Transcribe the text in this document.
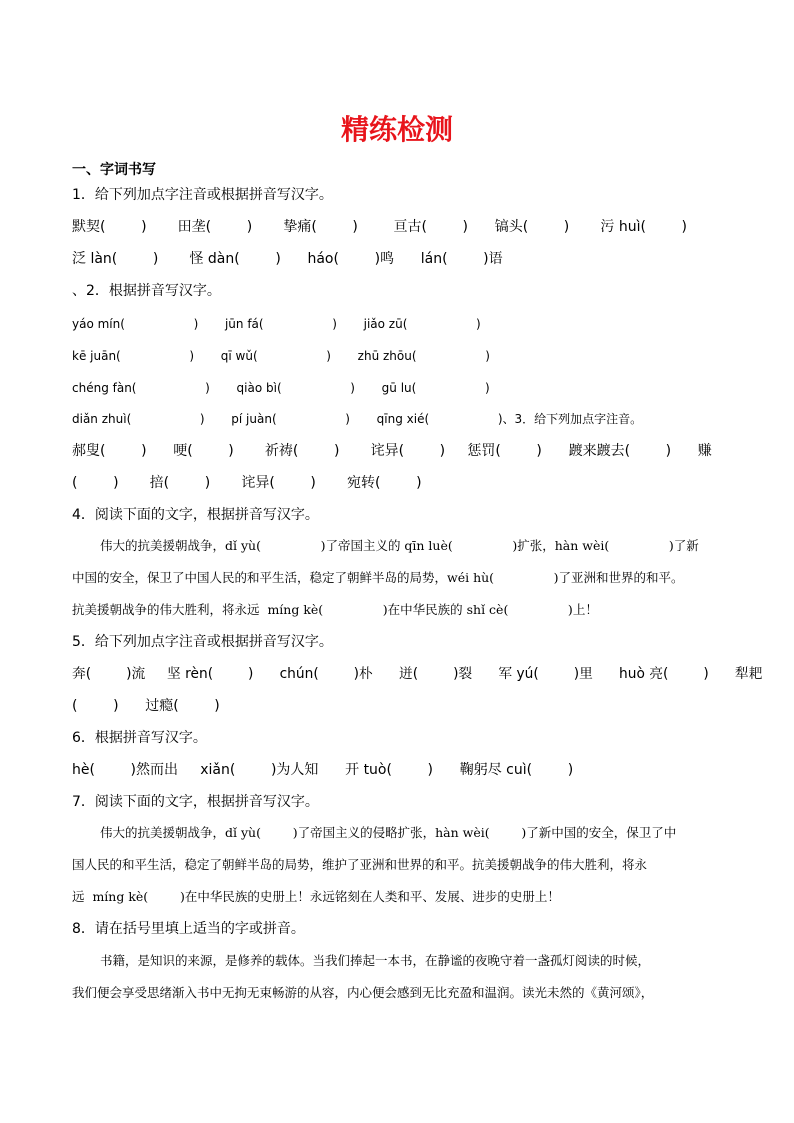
精练检测
一、字词书写
1．给下列加点字注音或根据拼音写汉字。
默契(        )       田垄(        )       挚痛(        )        亘古(        )      镐头(        )       污 huì(        )
泛 làn(        )       怪 dàn(        )      háo(        )鸣      lán(        )语
、2．根据拼音写汉字。
yáo mín(                  )       jūn fá(                  )       jiǎo zū(                  )
kē juān(                  )       qī wǔ(                  )       zhū zhōu(                  )
chéng fàn(                  )       qiào bì(                  )       gū lu(                  )
diǎn zhuì(                  )       pí juàn(                  )       qīng xié(                  )、3．给下列加点字注音。
郝叟(        )      哽(        )       祈祷(        )       诧异(        )     惩罚(        )      踱来踱去(        )      赚
(        )       掊(        )       诧异(        )       宛转(        )
4．阅读下面的文字，根据拼音写汉字。
伟大的抗美援朝战争，dǐ yù(               )了帝国主义的 qīn luè(               )扩张，hàn wèi(               )了新
中国的安全，保卫了中国人民的和平生活，稳定了朝鲜半岛的局势，wéi hù(               )了亚洲和世界的和平。
抗美援朝战争的伟大胜利，将永远  míng kè(               )在中华民族的 shǐ cè(               )上！
5．给下列加点字注音或根据拼音写汉字。
奔(        )流     坚 rèn(        )      chún(        )朴      迸(        )裂      军 yú(        )里      huò 亮(        )      犁耙
(        )      过瘾(        )
6．根据拼音写汉字。
hè(        )然而出     xiǎn(        )为人知      开 tuò(        )      鞠躬尽 cuì(        )
7．阅读下面的文字，根据拼音写汉字。
伟大的抗美援朝战争，dǐ yù(        )了帝国主义的侵略扩张，hàn wèi(        )了新中国的安全，保卫了中
国人民的和平生活，稳定了朝鲜半岛的局势，维护了亚洲和世界的和平。抗美援朝战争的伟大胜利，将永
远  míng kè(        )在中华民族的史册上！永远铭刻在人类和平、发展、进步的史册上！
8．请在括号里填上适当的字或拼音。
书籍，是知识的来源，是修养的载体。当我们捧起一本书，在静谧的夜晚守着一盏孤灯阅读的时候，
我们便会享受思绪渐入书中无拘无束畅游的从容，内心便会感到无比充盈和温润。读光未然的《黄河颂》，
